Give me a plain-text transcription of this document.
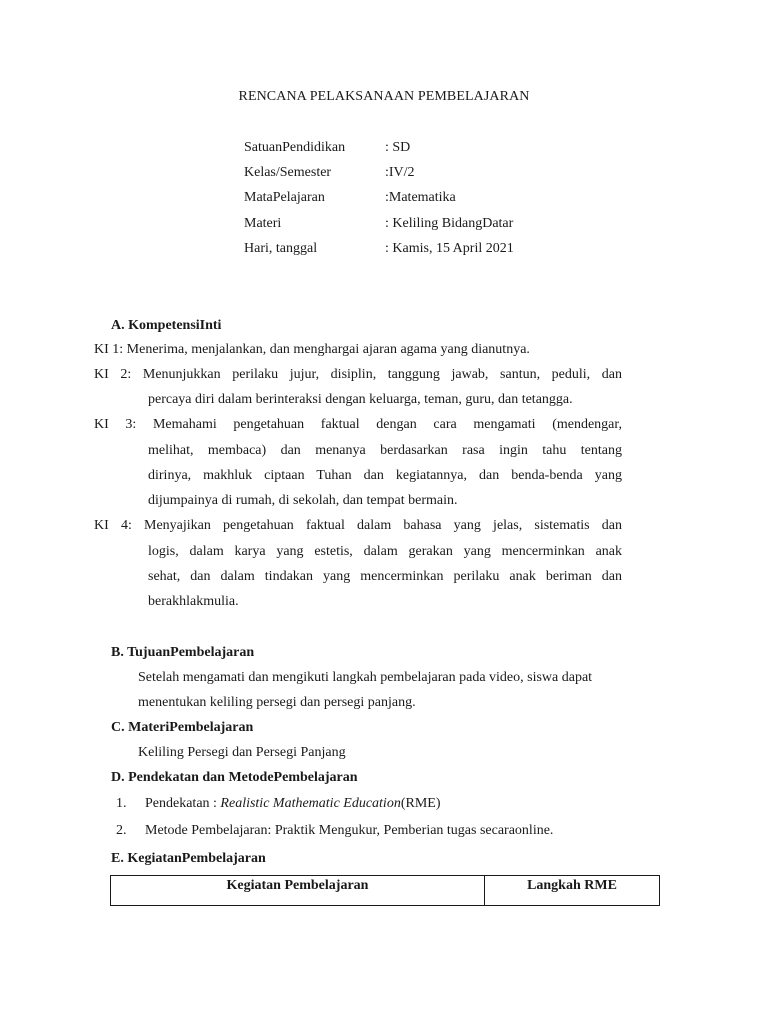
RENCANA PELAKSANAAN PEMBELAJARAN
SatuanPendidikan	: SD
Kelas/Semester	:IV/2
MataPelajaran	:Matematika
Materi	: Keliling BidangDatar
Hari, tanggal	: Kamis, 15 April 2021
A. KompetensiInti
KI 1: Menerima, menjalankan, dan menghargai ajaran agama yang dianutnya.
KI 2: Menunjukkan perilaku jujur, disiplin, tanggung jawab, santun, peduli, dan
percaya diri dalam berinteraksi dengan keluarga, teman, guru, dan tetangga.
KI 3: Memahami pengetahuan faktual dengan cara mengamati (mendengar,
melihat, membaca) dan menanya berdasarkan rasa ingin tahu tentang
dirinya, makhluk ciptaan Tuhan dan kegiatannya, dan benda-benda yang
dijumpainya di rumah, di sekolah, dan tempat bermain.
KI 4: Menyajikan pengetahuan faktual dalam bahasa yang jelas, sistematis dan
logis, dalam karya yang estetis, dalam gerakan yang mencerminkan anak
sehat, dan dalam tindakan yang mencerminkan perilaku anak beriman dan
berakhlakmulia.
B. TujuanPembelajaran
Setelah mengamati dan mengikuti langkah pembelajaran pada video, siswa dapat
menentukan keliling persegi dan persegi panjang.
C. MateriPembelajaran
Keliling Persegi dan Persegi Panjang
D. Pendekatan dan MetodePembelajaran
1. Pendekatan : Realistic Mathematic Education(RME)
2. Metode Pembelajaran: Praktik Mengukur, Pemberian tugas secaraonline.
E. KegiatanPembelajaran
Kegiatan Pembelajaran	Langkah RME
